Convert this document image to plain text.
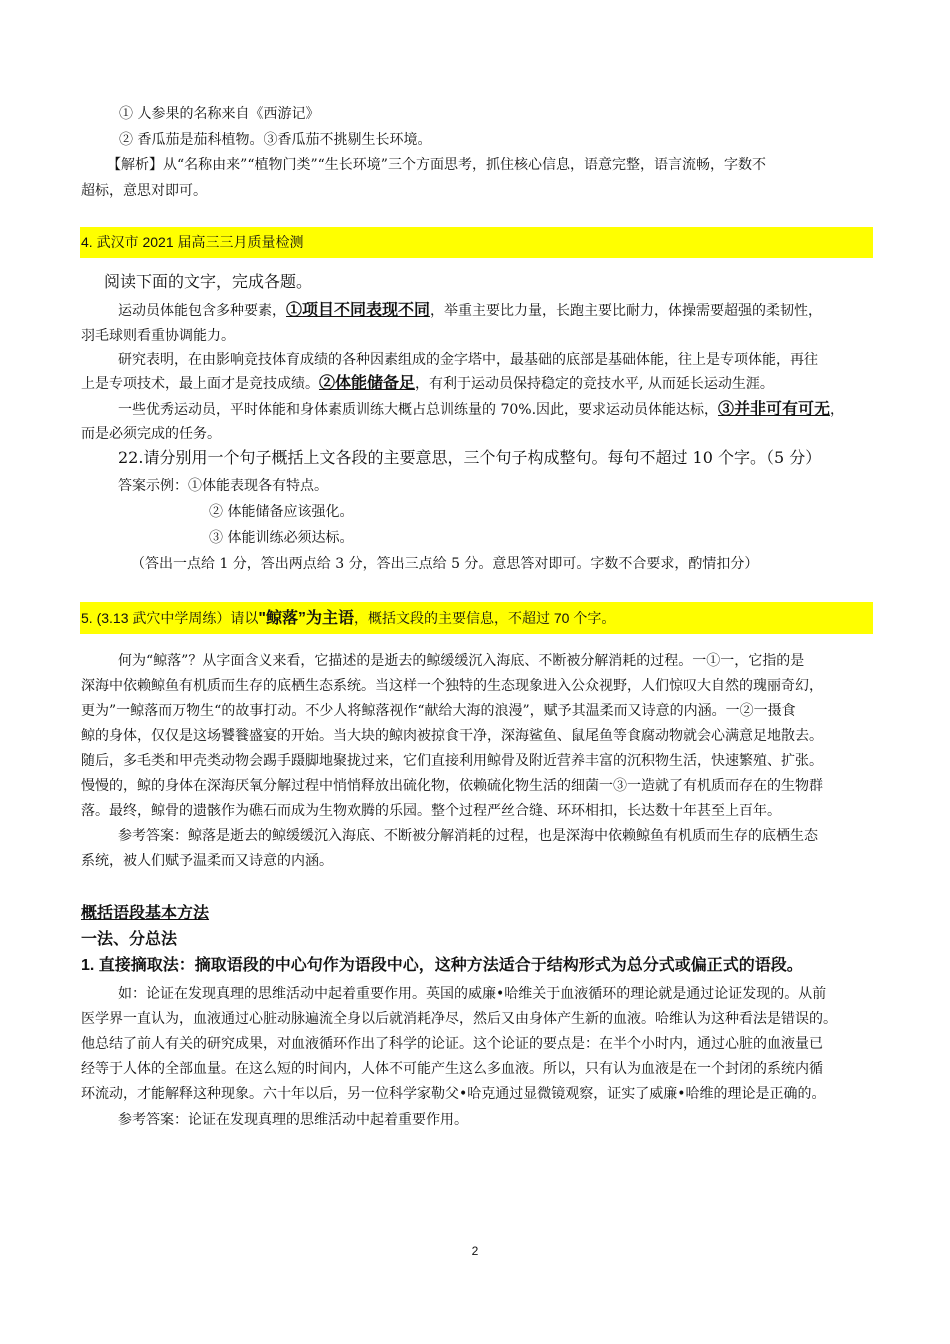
① 人参果的名称来自《西游记》
② 香瓜茄是茄科植物。③香瓜茄不挑剔生长环境。
【解析】从“名称由来”“植物门类”“生长环境”三个方面思考，抓住核心信息，语意完整，语言流畅，字数不
超标，意思对即可。
4. 武汉市 2021 届高三三月质量检测
阅读下面的文字，完成各题。
运动员体能包含多种要素，①项目不同表现不同，举重主要比力量，长跑主要比耐力，体操需要超强的柔韧性，
羽毛球则看重协调能力。
研究表明，在由影响竞技体育成绩的各种因素组成的金字塔中，最基础的底部是基础体能，往上是专项体能，再往
上是专项技术，最上面才是竞技成绩。②体能储备足，有利于运动员保持稳定的竞技水平, 从而延长运动生涯。
一些优秀运动员，平时体能和身体素质训练大概占总训练量的 70%.因此，要求运动员体能达标，③并非可有可无，
而是必须完成的任务。
22.请分别用一个句子概括上文各段的主要意思，三个句子构成整句。每句不超过 10 个字。（5 分）
答案示例：①体能表现各有特点。
② 体能储备应该强化。
③ 体能训练必须达标。
（答出一点给 1 分，答出两点给 3 分，答出三点给 5 分。意思答对即可。字数不合要求，酌情扣分）
5. (3.13 武穴中学周练）请以"鲸落”为主语，概括文段的主要信息，不超过 70 个字。
何为“鲸落”？从字面含义来看，它描述的是逝去的鲸缓缓沉入海底、不断被分解消耗的过程。一①一，它指的是
深海中依赖鲸鱼有机质而生存的底栖生态系统。当这样一个独特的生态现象进入公众视野，人们惊叹大自然的瑰丽奇幻，
更为”一鲸落而万物生“的故事打动。不少人将鲸落视作“献给大海的浪漫”，赋予其温柔而又诗意的内涵。一②一摄食
鲸的身体，仅仅是这场饕餮盛宴的开始。当大块的鲸肉被掠食干净，深海鲨鱼、鼠尾鱼等食腐动物就会心满意足地散去。
随后，多毛类和甲壳类动物会踢手蹑脚地聚拢过来，它们直接利用鲸骨及附近营养丰富的沉积物生活，快速繁殖、扩张。
慢慢的，鲸的身体在深海厌氧分解过程中悄悄释放出硫化物，依赖硫化物生活的细菌一③一造就了有机质而存在的生物群
落。最终，鲸骨的遗骸作为礁石而成为生物欢腾的乐园。整个过程严丝合缝、环环相扣，长达数十年甚至上百年。
参考答案：鲸落是逝去的鲸缓缓沉入海底、不断被分解消耗的过程，也是深海中依赖鲸鱼有机质而生存的底栖生态
系统，被人们赋予温柔而又诗意的内涵。
概括语段基本方法
一法、分总法
1. 直接摘取法：摘取语段的中心句作为语段中心，这种方法适合于结构形式为总分式或偏正式的语段。
如：论证在发现真理的思维活动中起着重要作用。英国的威廉•哈维关于血液循环的理论就是通过论证发现的。从前
医学界一直认为，血液通过心脏动脉遍流全身以后就消耗净尽，然后又由身体产生新的血液。哈维认为这种看法是错误的。
他总结了前人有关的研究成果，对血液循环作出了科学的论证。这个论证的要点是：在半个小时内，通过心脏的血液量已
经等于人体的全部血量。在这么短的时间内，人体不可能产生这么多血液。所以，只有认为血液是在一个封闭的系统内循
环流动，才能解释这种现象。六十年以后，另一位科学家勒父•哈克通过显微镜观察，证实了威廉•哈维的理论是正确的。
参考答案：论证在发现真理的思维活动中起着重要作用。
2
